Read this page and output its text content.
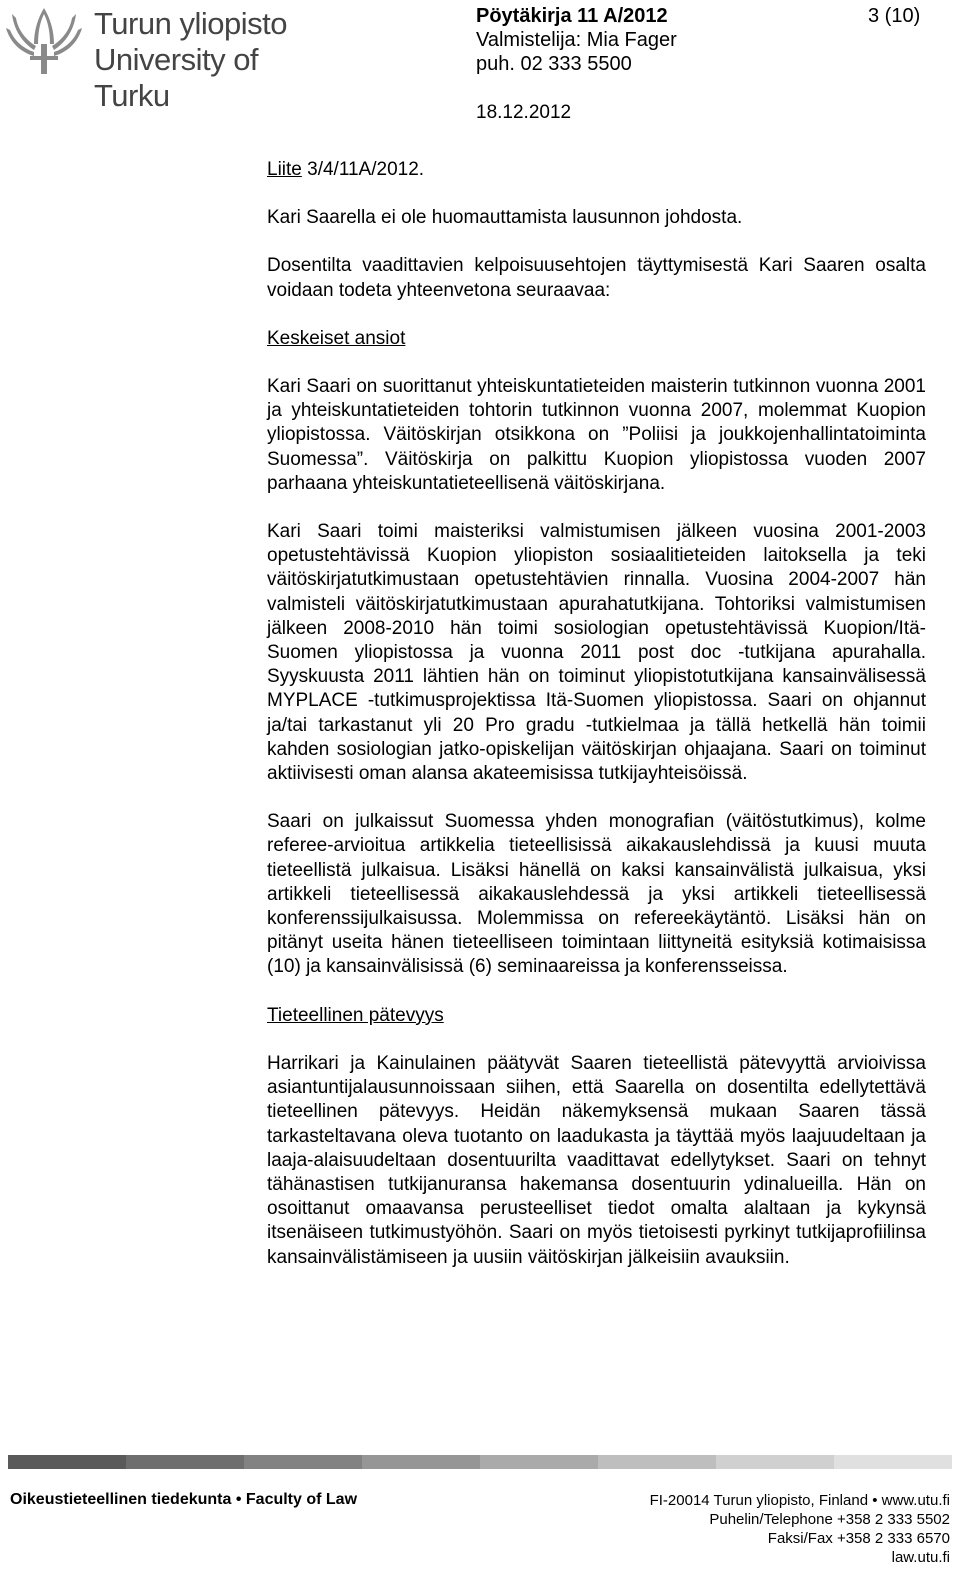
Turun yliopisto
University of Turku
Pöytäkirja 11 A/2012
Valmistelija: Mia Fager
puh. 02 333 5500
3 (10)
18.12.2012

Liite 3/4/11A/2012.

Kari Saarella ei ole huomauttamista lausunnon johdosta.

Dosentilta vaadittavien kelpoisuusehtojen täyttymisestä Kari Saaren osalta voidaan todeta yhteenvetona seuraavaa:

Keskeiset ansiot

Kari Saari on suorittanut yhteiskuntatieteiden maisterin tutkinnon vuonna 2001 ja yhteiskuntatieteiden tohtorin tutkinnon vuonna 2007, molemmat Kuopion yliopistossa. Väitöskirjan otsikkona on ”Poliisi ja joukkojenhallintatoiminta Suomessa”. Väitöskirja on palkittu Kuopion yliopistossa vuoden 2007 parhaana yhteiskuntatieteellisenä väitöskirjana.

Kari Saari toimi maisteriksi valmistumisen jälkeen vuosina 2001-2003 opetustehtävissä Kuopion yliopiston sosiaalitieteiden laitoksella ja teki väitöskirjatutkimustaan opetustehtävien rinnalla. Vuosina 2004-2007 hän valmisteli väitöskirjatutkimustaan apurahatutkijana. Tohtoriksi valmistumisen jälkeen 2008-2010 hän toimi sosiologian opetustehtävissä Kuopion/Itä-Suomen yliopistossa ja vuonna 2011 post doc -tutkijana apurahalla. Syyskuusta 2011 lähtien hän on toiminut yliopistotutkijana kansainvälisessä MYPLACE -tutkimusprojektissa Itä-Suomen yliopistossa. Saari on ohjannut ja/tai tarkastanut yli 20 Pro gradu -tutkielmaa ja tällä hetkellä hän toimii kahden sosiologian jatko-opiskelijan väitöskirjan ohjaajana. Saari on toiminut aktiivisesti oman alansa akateemisissa tutkijayhteisöissä.

Saari on julkaissut Suomessa yhden monografian (väitöstutkimus), kolme referee-arvioitua artikkelia tieteellisissä aikakauslehdissä ja kuusi muuta tieteellistä julkaisua. Lisäksi hänellä on kaksi kansainvälistä julkaisua, yksi artikkeli tieteellisessä aikakauslehdessä ja yksi artikkeli tieteellisessä konferenssijulkaisussa. Molemmissa on refereekäytäntö. Lisäksi hän on pitänyt useita hänen tieteelliseen toimintaan liittyneitä esityksiä kotimaisissa (10) ja kansainvälisissä (6) seminaareissa ja konferensseissa.

Tieteellinen pätevyys

Harrikari ja Kainulainen päätyvät Saaren tieteellistä pätevyyttä arvioivissa asiantuntijalausunnoissaan siihen, että Saarella on dosentilta edellytettävä tieteellinen pätevyys. Heidän näkemyksensä mukaan Saaren tässä tarkasteltavana oleva tuotanto on laadukasta ja täyttää myös laajuudeltaan ja laaja-alaisuudeltaan dosentuurilta vaadittavat edellytykset. Saari on tehnyt tähänastisen tutkijanuransa hakemansa dosentuurin ydinalueilla. Hän on osoittanut omaavansa perusteelliset tiedot omalta alaltaan ja kykynsä itsenäiseen tutkimustyöhön. Saari on myös tietoisesti pyrkinyt tutkijaprofiilinsa kansainvälistämiseen ja uusiin väitöskirjan jälkeisiin avauksiin.

Oikeustieteellinen tiedekunta • Faculty of Law	FI-20014 Turun yliopisto, Finland • www.utu.fi
Puhelin/Telephone +358 2 333 5502
Faksi/Fax +358 2 333 6570
law.utu.fi
